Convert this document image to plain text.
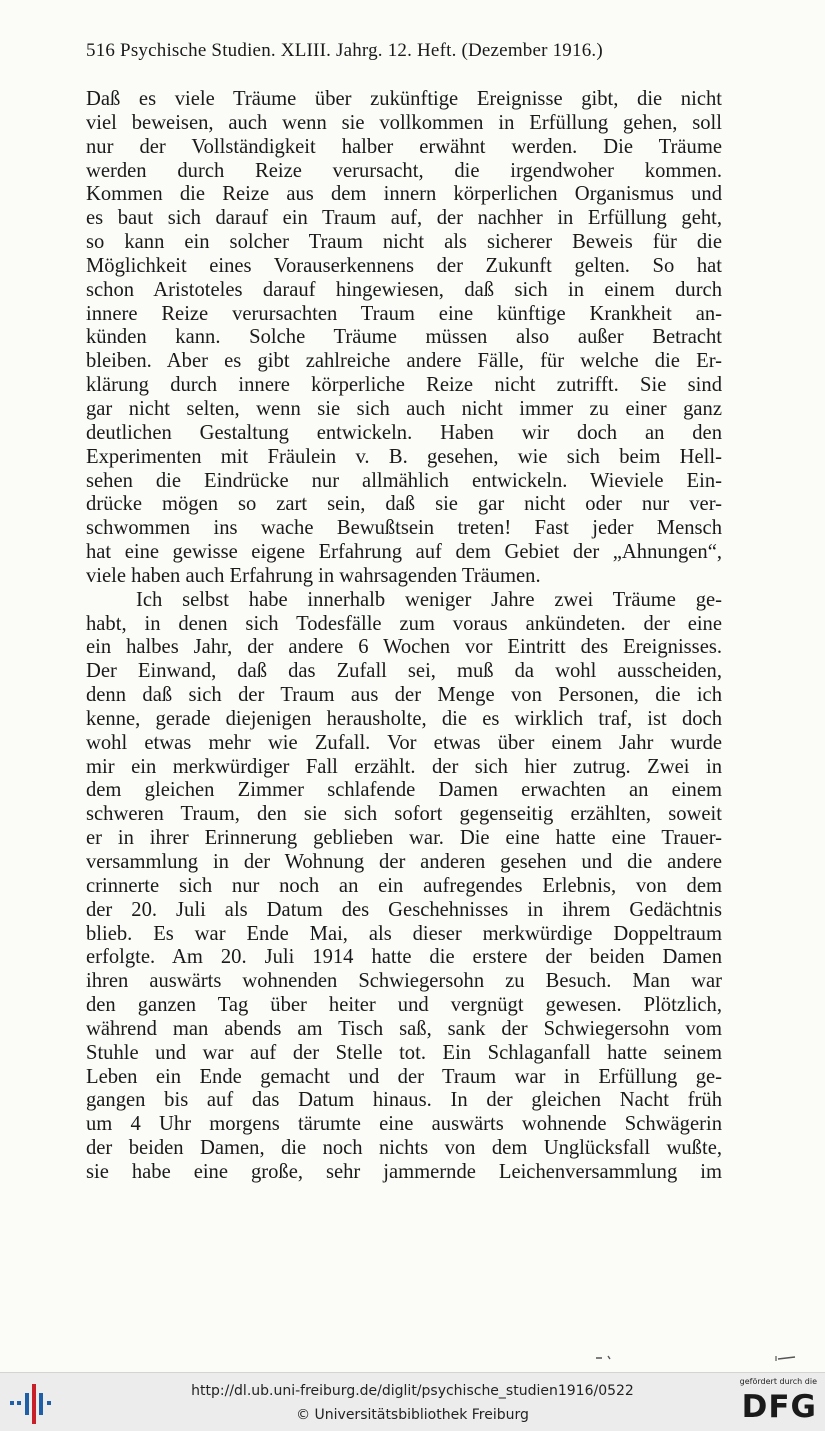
516 Psychische Studien. XLIII. Jahrg. 12. Heft. (Dezember 1916.)
Daß es viele Träume über zukünftige Ereignisse gibt, die nicht
viel beweisen, auch wenn sie vollkommen in Erfüllung gehen, soll
nur der Vollständigkeit halber erwähnt werden. Die Träume
werden durch Reize verursacht, die irgendwoher kommen.
Kommen die Reize aus dem innern körperlichen Organismus und
es baut sich darauf ein Traum auf, der nachher in Erfüllung geht,
so kann ein solcher Traum nicht als sicherer Beweis für die
Möglichkeit eines Vorauserkennens der Zukunft gelten. So hat
schon Aristoteles darauf hingewiesen, daß sich in einem durch
innere Reize verursachten Traum eine künftige Krankheit an-
künden kann. Solche Träume müssen also außer Betracht
bleiben. Aber es gibt zahlreiche andere Fälle, für welche die Er-
klärung durch innere körperliche Reize nicht zutrifft. Sie sind
gar nicht selten, wenn sie sich auch nicht immer zu einer ganz
deutlichen Gestaltung entwickeln. Haben wir doch an den
Experimenten mit Fräulein v. B. gesehen, wie sich beim Hell-
sehen die Eindrücke nur allmählich entwickeln. Wieviele Ein-
drücke mögen so zart sein, daß sie gar nicht oder nur ver-
schwommen ins wache Bewußtsein treten! Fast jeder Mensch
hat eine gewisse eigene Erfahrung auf dem Gebiet der „Ahnungen“,
viele haben auch Erfahrung in wahrsagenden Träumen.
Ich selbst habe innerhalb weniger Jahre zwei Träume ge-
habt, in denen sich Todesfälle zum voraus ankündeten. der eine
ein halbes Jahr, der andere 6 Wochen vor Eintritt des Ereignisses.
Der Einwand, daß das Zufall sei, muß da wohl ausscheiden,
denn daß sich der Traum aus der Menge von Personen, die ich
kenne, gerade diejenigen herausholte, die es wirklich traf, ist doch
wohl etwas mehr wie Zufall. Vor etwas über einem Jahr wurde
mir ein merkwürdiger Fall erzählt. der sich hier zutrug. Zwei in
dem gleichen Zimmer schlafende Damen erwachten an einem
schweren Traum, den sie sich sofort gegenseitig erzählten, soweit
er in ihrer Erinnerung geblieben war. Die eine hatte eine Trauer-
versammlung in der Wohnung der anderen gesehen und die andere
crinnerte sich nur noch an ein aufregendes Erlebnis, von dem
der 20. Juli als Datum des Geschehnisses in ihrem Gedächtnis
blieb. Es war Ende Mai, als dieser merkwürdige Doppeltraum
erfolgte. Am 20. Juli 1914 hatte die erstere der beiden Damen
ihren auswärts wohnenden Schwiegersohn zu Besuch. Man war
den ganzen Tag über heiter und vergnügt gewesen. Plötzlich,
während man abends am Tisch saß, sank der Schwiegersohn vom
Stuhle und war auf der Stelle tot. Ein Schlaganfall hatte seinem
Leben ein Ende gemacht und der Traum war in Erfüllung ge-
gangen bis auf das Datum hinaus. In der gleichen Nacht früh
um 4 Uhr morgens tärumte eine auswärts wohnende Schwägerin
der beiden Damen, die noch nichts von dem Unglücksfall wußte,
sie habe eine große, sehr jammernde Leichenversammlung im
http://dl.ub.uni-freiburg.de/diglit/psychische_studien1916/0522
© Universitätsbibliothek Freiburg
gefördert durch die
DFG
